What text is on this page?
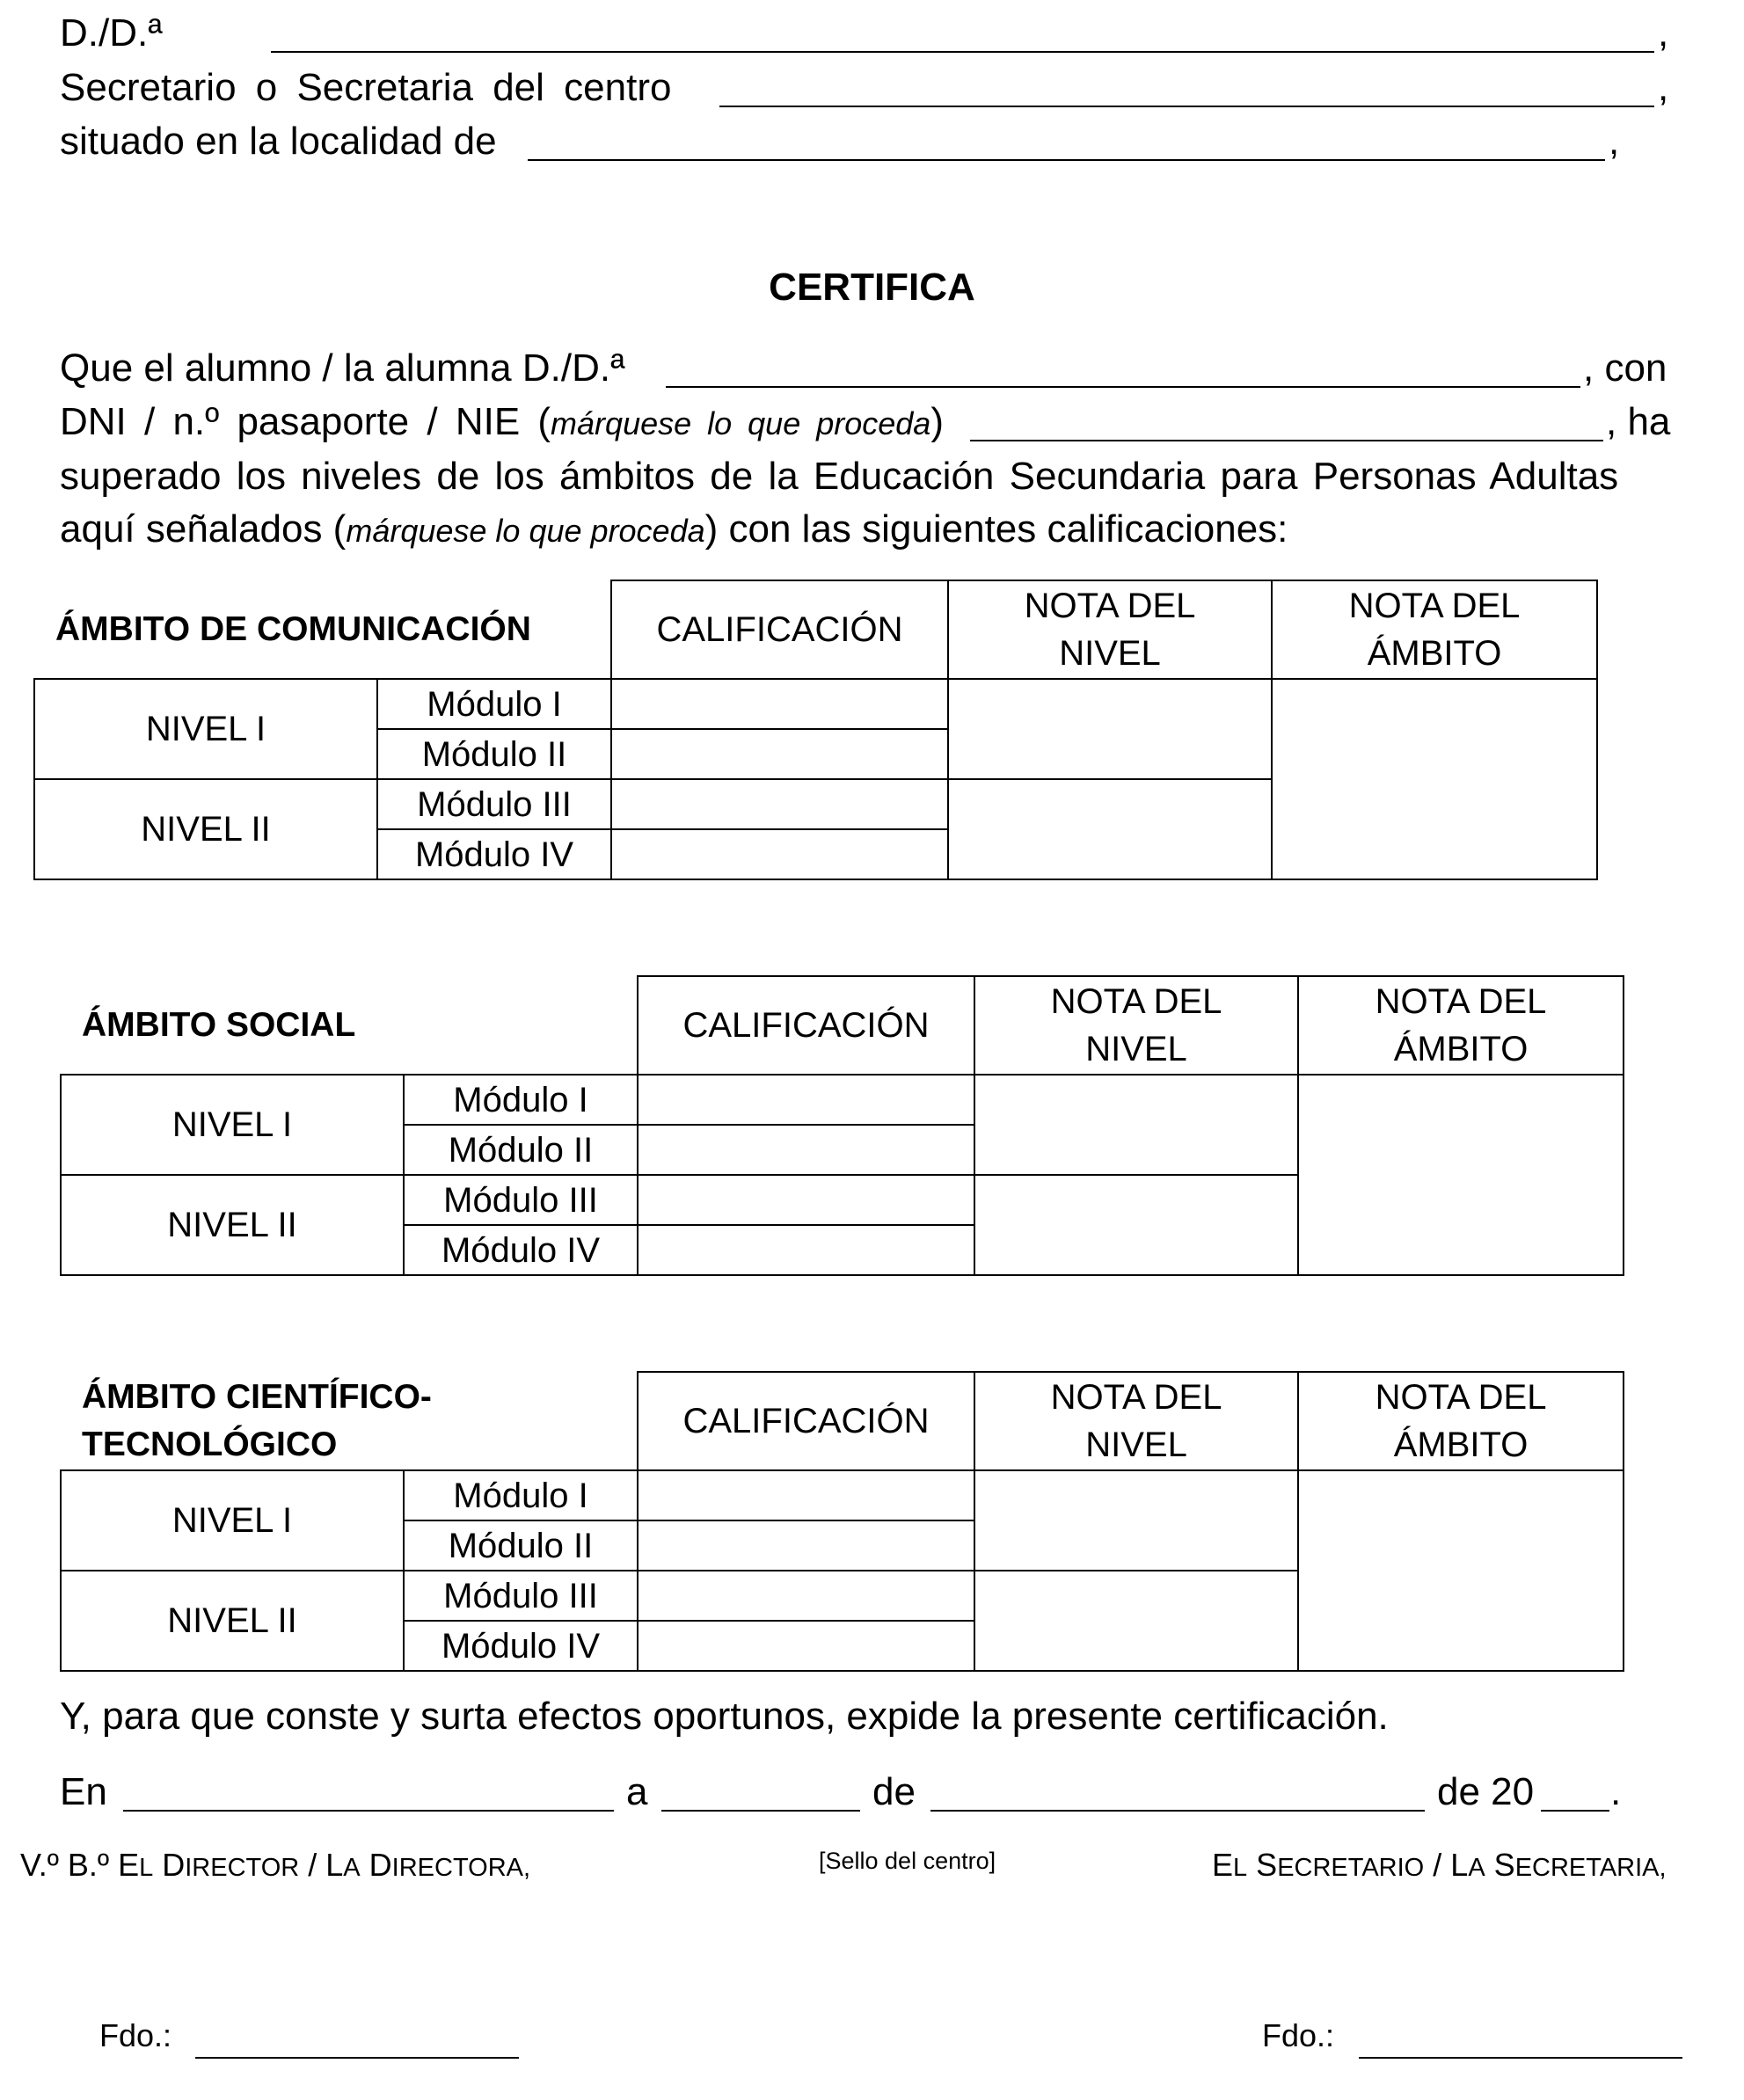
D./D.ª	,
Secretario o Secretaria del centro	,
situado en la localidad de	,
CERTIFICA
Que el alumno / la alumna D./D.ª	, con
DNI / n.º pasaporte / NIE (márquese lo que proceda)	, ha
superado los niveles de los ámbitos de la Educación Secundaria para Personas Adultas
aquí señalados (márquese lo que proceda) con las siguientes calificaciones:
ÁMBITO DE COMUNICACIÓN		CALIFICACIÓN	NOTA DEL NIVEL	NOTA DEL ÁMBITO
NIVEL I	Módulo I			
	Módulo II			
NIVEL II	Módulo III			
	Módulo IV			
ÁMBITO SOCIAL		CALIFICACIÓN	NOTA DEL NIVEL	NOTA DEL ÁMBITO
NIVEL I	Módulo I			
	Módulo II			
NIVEL II	Módulo III			
	Módulo IV			
ÁMBITO CIENTÍFICO-
TECNOLÓGICO		CALIFICACIÓN	NOTA DEL NIVEL	NOTA DEL ÁMBITO
NIVEL I	Módulo I			
	Módulo II			
NIVEL II	Módulo III			
	Módulo IV			
Y, para que conste y surta efectos oportunos, expide la presente certificación.
En	a	de	de 20 .
V.º B.º EL DIRECTOR / LA DIRECTORA,	[Sello del centro]	EL SECRETARIO / LA SECRETARIA,
Fdo.:	Fdo.:
